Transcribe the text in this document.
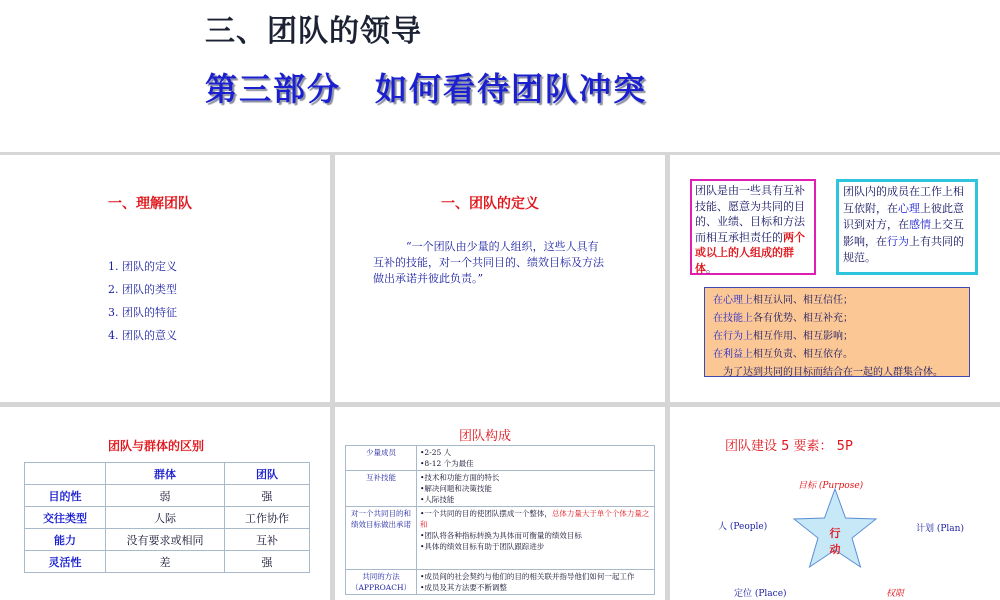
三、团队的领导
第三部分 如何看待团队冲突
一、理解团队
1. 团队的定义
2. 团队的类型
3. 团队的特征
4. 团队的意义
一、团队的定义
“一个团队由少量的人组织，这些人具有互补的技能，对一个共同目的、绩效目标及方法做出承诺并彼此负责。”
团队是由一些具有互补技能、愿意为共同的目的、业绩、目标和方法而相互承担责任的两个或以上的人组成的群体。
团队内的成员在工作上相互依附，在心理上彼此意识到对方，在感情上交互影响，在行为上有共同的规范。
在心理上相互认同、相互信任；
在技能上各有优势、相互补充；
在行为上相互作用、相互影响；
在利益上相互负责、相互依存。
为了达到共同的目标而结合在一起的人群集合体。
团队与群体的区别
	群体	团队
目的性	弱	强
交往类型	人际	工作协作
能力	没有要求或相同	互补
灵活性	差	强
团队构成
少量成员	•2-25 人
•8-12 个为最佳

互补技能	•技术和功能方面的特长
•解决问题和决策技能
•人际技能

对一个共同目的和绩效目标做出承诺	•一个共同的目的使团队摆成一个整体，总体力量大于单个个体力量之和
•团队将各种指标转换为具体而可衡量的绩效目标
•具体的绩效目标有助于团队跟踪进步

共同的方法（APPROACH）	•成员间的社会契约与他们的目的相关联并指导他们如何一起工作
•成员及其方法要不断调整
团队建设 5 要素： 5P
行
动
目标 (Purpose)
人 (People)	计划 (Plan)
定位 (Place)	权限
